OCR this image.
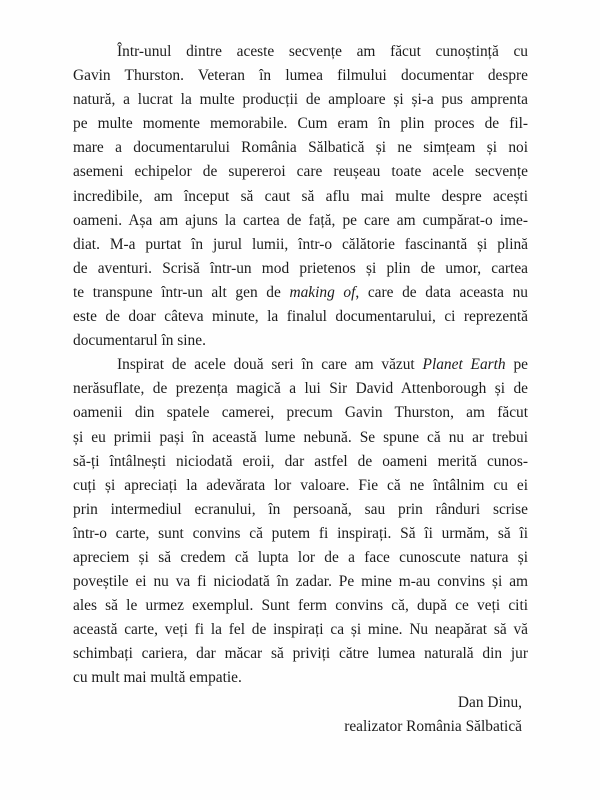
Într-unul dintre aceste secvențe am făcut cunoștință cu
Gavin Thurston. Veteran în lumea filmului documentar despre
natură, a lucrat la multe producții de amploare și și-a pus amprenta
pe multe momente memorabile. Cum eram în plin proces de fil-
mare a documentarului România Sălbatică și ne simțeam și noi
asemeni echipelor de supereroi care reușeau toate acele secvențe
incredibile, am început să caut să aflu mai multe despre acești
oameni. Așa am ajuns la cartea de față, pe care am cumpărat-o ime-
diat. M-a purtat în jurul lumii, într-o călătorie fascinantă și plină
de aventuri. Scrisă într-un mod prietenos și plin de umor, cartea
te transpune într-un alt gen de making of, care de data aceasta nu
este de doar câteva minute, la finalul documentarului, ci reprezentă
documentarul în sine.
Inspirat de acele două seri în care am văzut Planet Earth pe
nerăsuflate, de prezența magică a lui Sir David Attenborough și de
oamenii din spatele camerei, precum Gavin Thurston, am făcut
și eu primii pași în această lume nebună. Se spune că nu ar trebui
să-ți întâlnești niciodată eroii, dar astfel de oameni merită cunos-
cuți și apreciați la adevărata lor valoare. Fie că ne întâlnim cu ei
prin intermediul ecranului, în persoană, sau prin rânduri scrise
într-o carte, sunt convins că putem fi inspirați. Să îi urmăm, să îi
apreciem și să credem că lupta lor de a face cunoscute natura și
poveștile ei nu va fi niciodată în zadar. Pe mine m-au convins și am
ales să le urmez exemplul. Sunt ferm convins că, după ce veți citi
această carte, veți fi la fel de inspirați ca și mine. Nu neapărat să vă
schimbați cariera, dar măcar să priviți către lumea naturală din jur
cu mult mai multă empatie.
Dan Dinu,
realizator România Sălbatică
